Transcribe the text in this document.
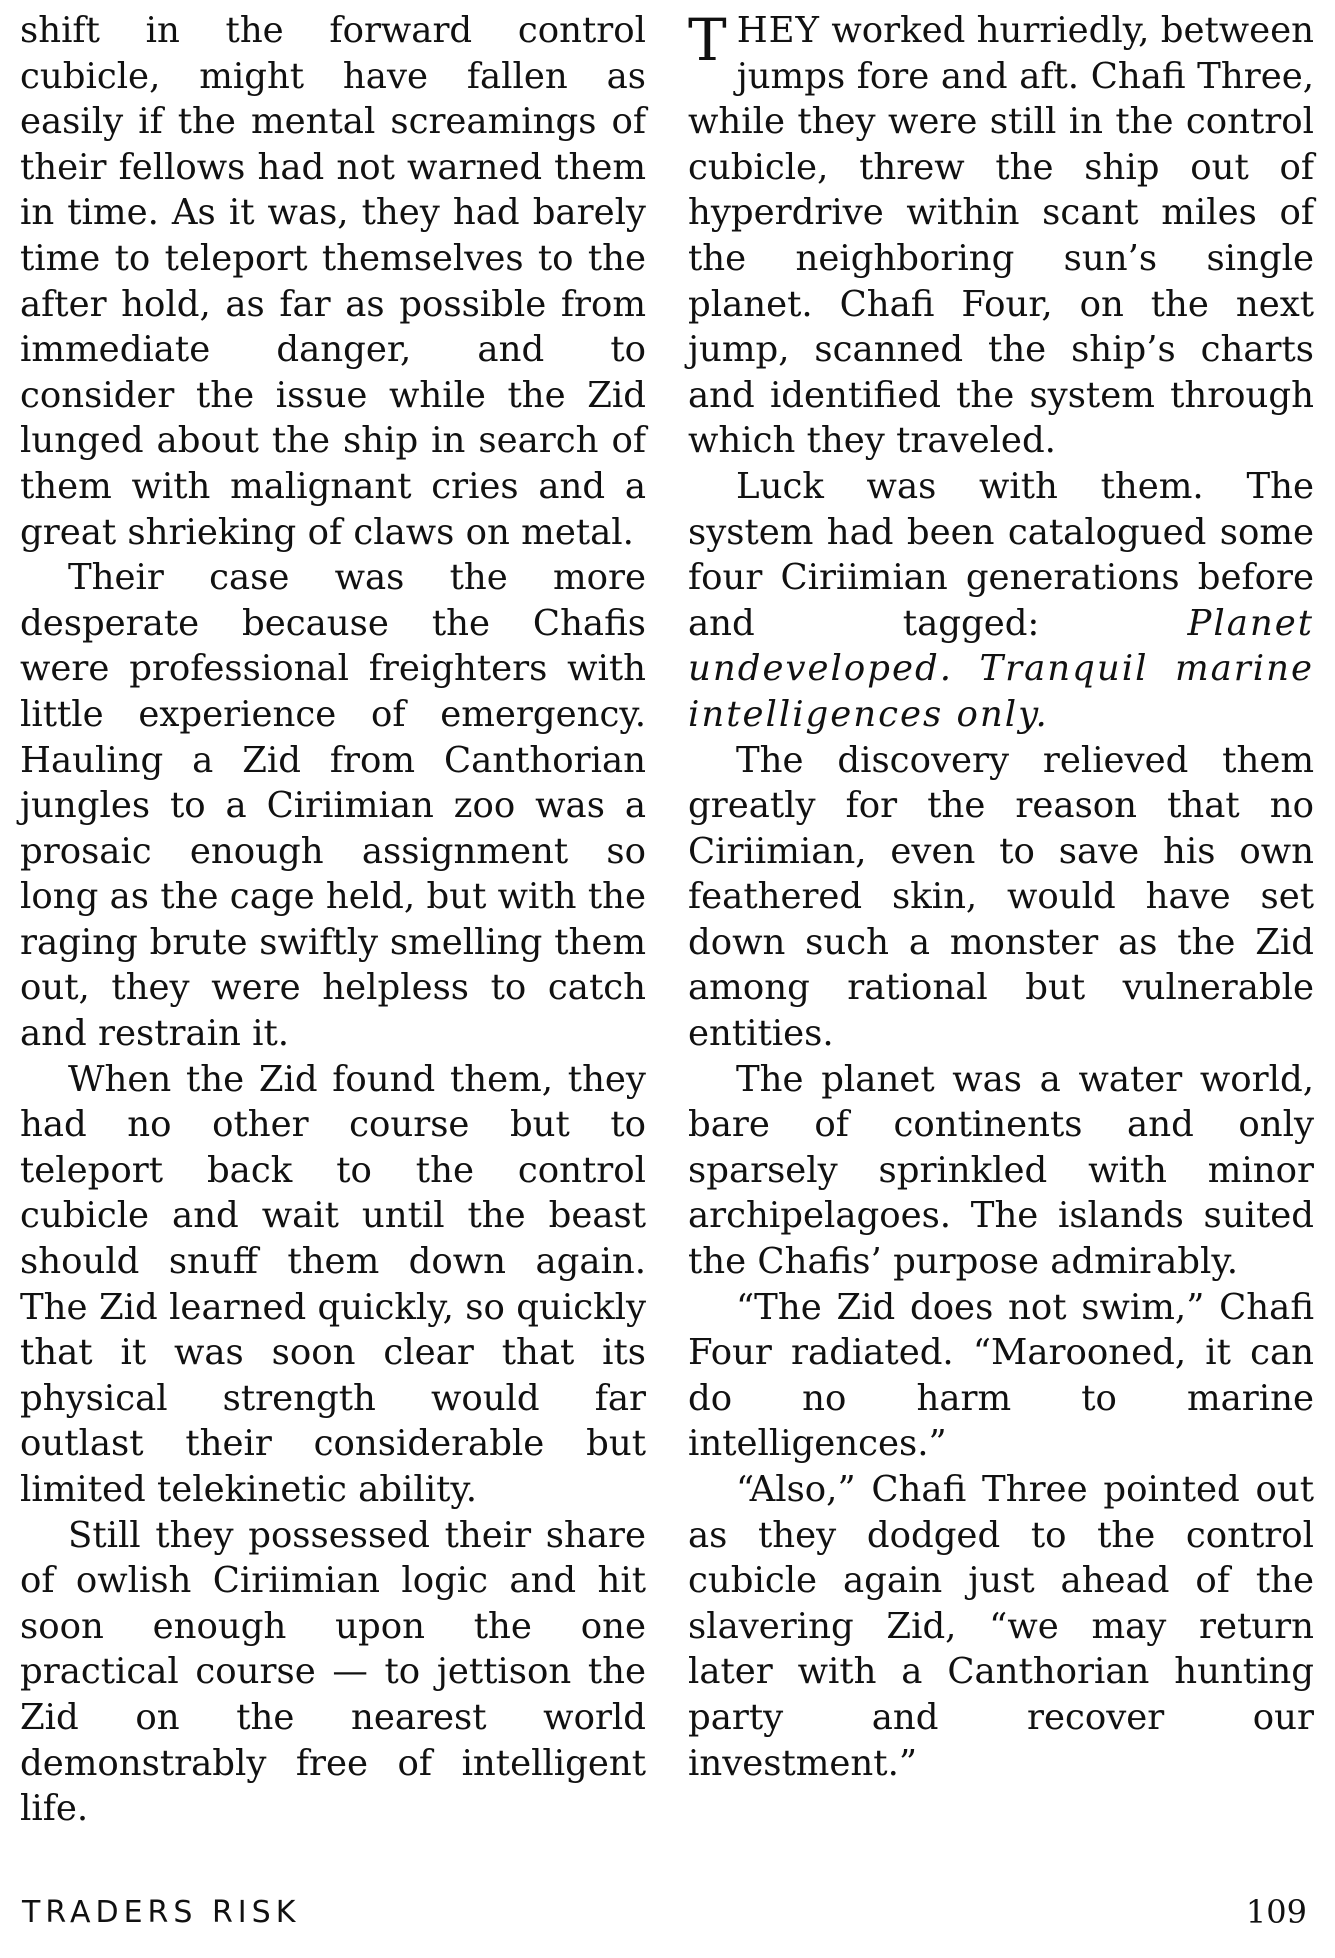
shift in the forward control cubicle, might have fallen as easily if the mental screamings of their fellows had not warned them in time. As it was, they had barely time to teleport themselves to the after hold, as far as possible from immediate danger, and to consider the issue while the Zid lunged about the ship in search of them with malignant cries and a great shrieking of claws on metal.

Their case was the more desperate because the Chafis were professional freighters with little experience of emergency. Hauling a Zid from Canthorian jungles to a Ciriimian zoo was a prosaic enough assignment so long as the cage held, but with the raging brute swiftly smelling them out, they were helpless to catch and restrain it.

When the Zid found them, they had no other course but to teleport back to the control cubicle and wait until the beast should snuff them down again. The Zid learned quickly, so quickly that it was soon clear that its physical strength would far outlast their considerable but limited telekinetic ability.

Still they possessed their share of owlish Ciriimian logic and hit soon enough upon the one practical course — to jettison the Zid on the nearest world demonstrably free of intelligent life.

THEY worked hurriedly, between jumps fore and aft. Chafi Three, while they were still in the control cubicle, threw the ship out of hyperdrive within scant miles of the neighboring sun’s single planet. Chafi Four, on the next jump, scanned the ship’s charts and identified the system through which they traveled.

Luck was with them. The system had been catalogued some four Ciriimian generations before and tagged: Planet undeveloped. Tranquil marine intelligences only.

The discovery relieved them greatly for the reason that no Ciriimian, even to save his own feathered skin, would have set down such a monster as the Zid among rational but vulnerable entities.

The planet was a water world, bare of continents and only sparsely sprinkled with minor archipelagoes. The islands suited the Chafis’ purpose admirably.

“The Zid does not swim,” Chafi Four radiated. “Marooned, it can do no harm to marine intelligences.”

“Also,” Chafi Three pointed out as they dodged to the control cubicle again just ahead of the slavering Zid, “we may return later with a Canthorian hunting party and recover our investment.”

TRADERS RISK	109
